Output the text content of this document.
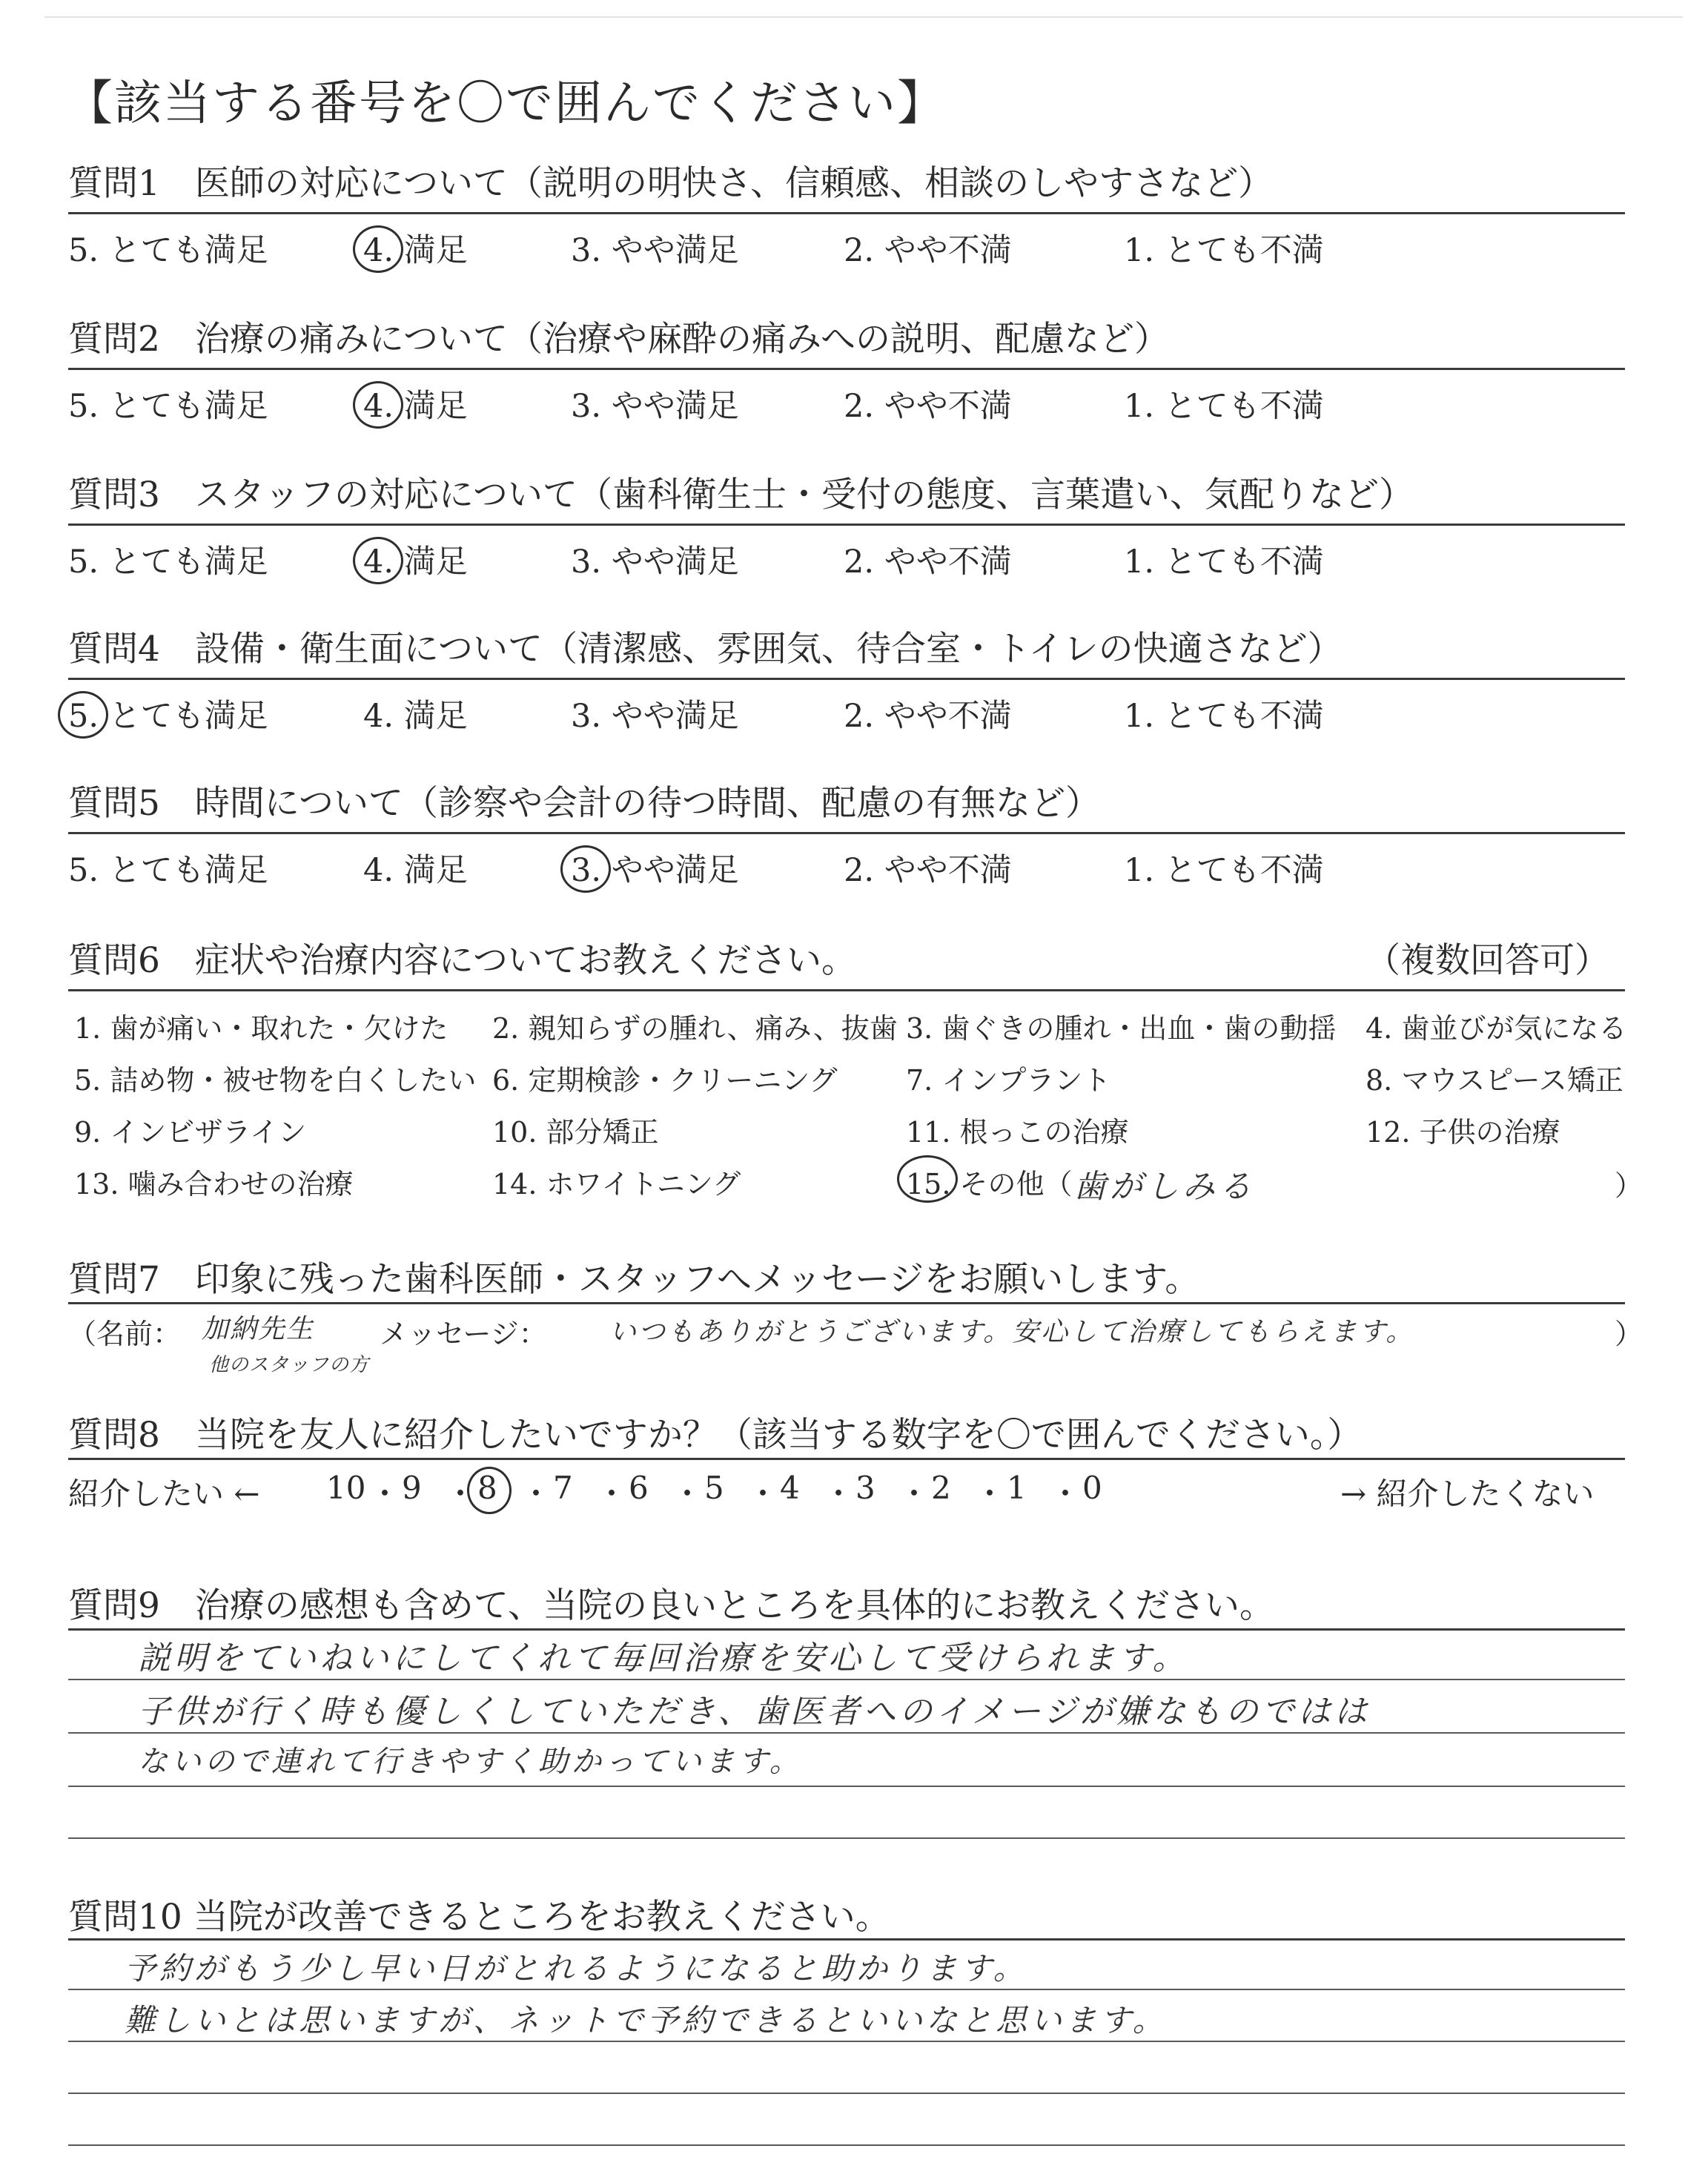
【該当する番号を〇で囲んでください】
質問1　医師の対応について（説明の明快さ、信頼感、相談のしやすさなど）
5. とても満足	4. 満足	3. やや満足	2. やや不満	1. とても不満
質問2　治療の痛みについて（治療や麻酔の痛みへの説明、配慮など）
5. とても満足	4. 満足	3. やや満足	2. やや不満	1. とても不満
質問3　スタッフの対応について（歯科衛生士・受付の態度、言葉遣い、気配りなど）
5. とても満足	4. 満足	3. やや満足	2. やや不満	1. とても不満
質問4　設備・衛生面について（清潔感、雰囲気、待合室・トイレの快適さなど）
5. とても満足	4. 満足	3. やや満足	2. やや不満	1. とても不満
質問5　時間について（診察や会計の待つ時間、配慮の有無など）
5. とても満足	4. 満足	3. やや満足	2. やや不満	1. とても不満
質問6　症状や治療内容についてお教えください。	（複数回答可）
1. 歯が痛い・取れた・欠けた 2. 親知らずの腫れ、痛み、抜歯 3. 歯ぐきの腫れ・出血・歯の動揺 4. 歯並びが気になる
5. 詰め物・被せ物を白くしたい 6. 定期検診・クリーニング 7. インプラント	8. マウスピース矯正
9. インビザライン	10. 部分矯正	11. 根っこの治療	12. 子供の治療
13. 噛み合わせの治療	14. ホワイトニング	15. その他（ 歯がしみる	）
質問7　印象に残った歯科医師・スタッフへメッセージをお願いします。
（名前： 加納先生
他のスタッフの方
メッセージ： いつもありがとうございます。安心して治療してもらえます。	）
質問8　当院を友人に紹介したいですか？（該当する数字を〇で囲んでください。）
紹介したい ← 10 ・ 9 ・ 8 ・ 7 ・ 6 ・ 5 ・ 4 ・ 3 ・ 2 ・ 1 ・ 0	→ 紹介したくない
質問9　治療の感想も含めて、当院の良いところを具体的にお教えください。
説明をていねいにしてくれて毎回治療を安心して受けられます。
子供が行く時も優しくしていただき、歯医者へのイメージが嫌なものではは
ないので連れて行きやすく助かっています。
質問10 当院が改善できるところをお教えください。
予約がもう少し早い日がとれるようになると助かります。
難しいとは思いますが、ネットで予約できるといいなと思います。
